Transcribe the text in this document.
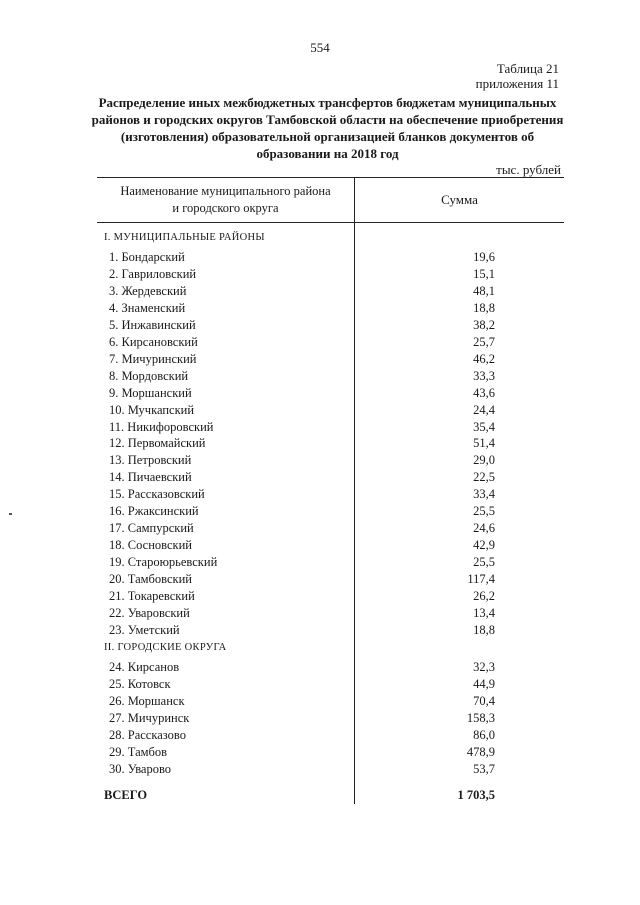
554
Таблица 21
приложения 11
Распределение иных межбюджетных трансфертов бюджетам муниципальных
районов и городских округов Тамбовской области на обеспечение приобретения
(изготовления) образовательной организацией бланков документов об
образовании на 2018 год
тыс. рублей
Наименование муниципального района
и городского округа
Сумма
I. МУНИЦИПАЛЬНЫЕ РАЙОНЫ
1. Бондарский	19,6
2. Гавриловский	15,1
3. Жердевский	48,1
4. Знаменский	18,8
5. Инжавинский	38,2
6. Кирсановский	25,7
7. Мичуринский	46,2
8. Мордовский	33,3
9. Моршанский	43,6
10. Мучкапский	24,4
11. Никифоровский	35,4
12. Первомайский	51,4
13. Петровский	29,0
14. Пичаевский	22,5
15. Рассказовский	33,4
16. Ржаксинский	25,5
17. Сампурский	24,6
18. Сосновский	42,9
19. Староюрьевский	25,5
20. Тамбовский	117,4
21. Токаревский	26,2
22. Уваровский	13,4
23. Уметский	18,8
II. ГОРОДСКИЕ ОКРУГА
24. Кирсанов	32,3
25. Котовск	44,9
26. Моршанск	70,4
27. Мичуринск	158,3
28. Рассказово	86,0
29. Тамбов	478,9
30. Уварово	53,7
ВСЕГО	1 703,5
